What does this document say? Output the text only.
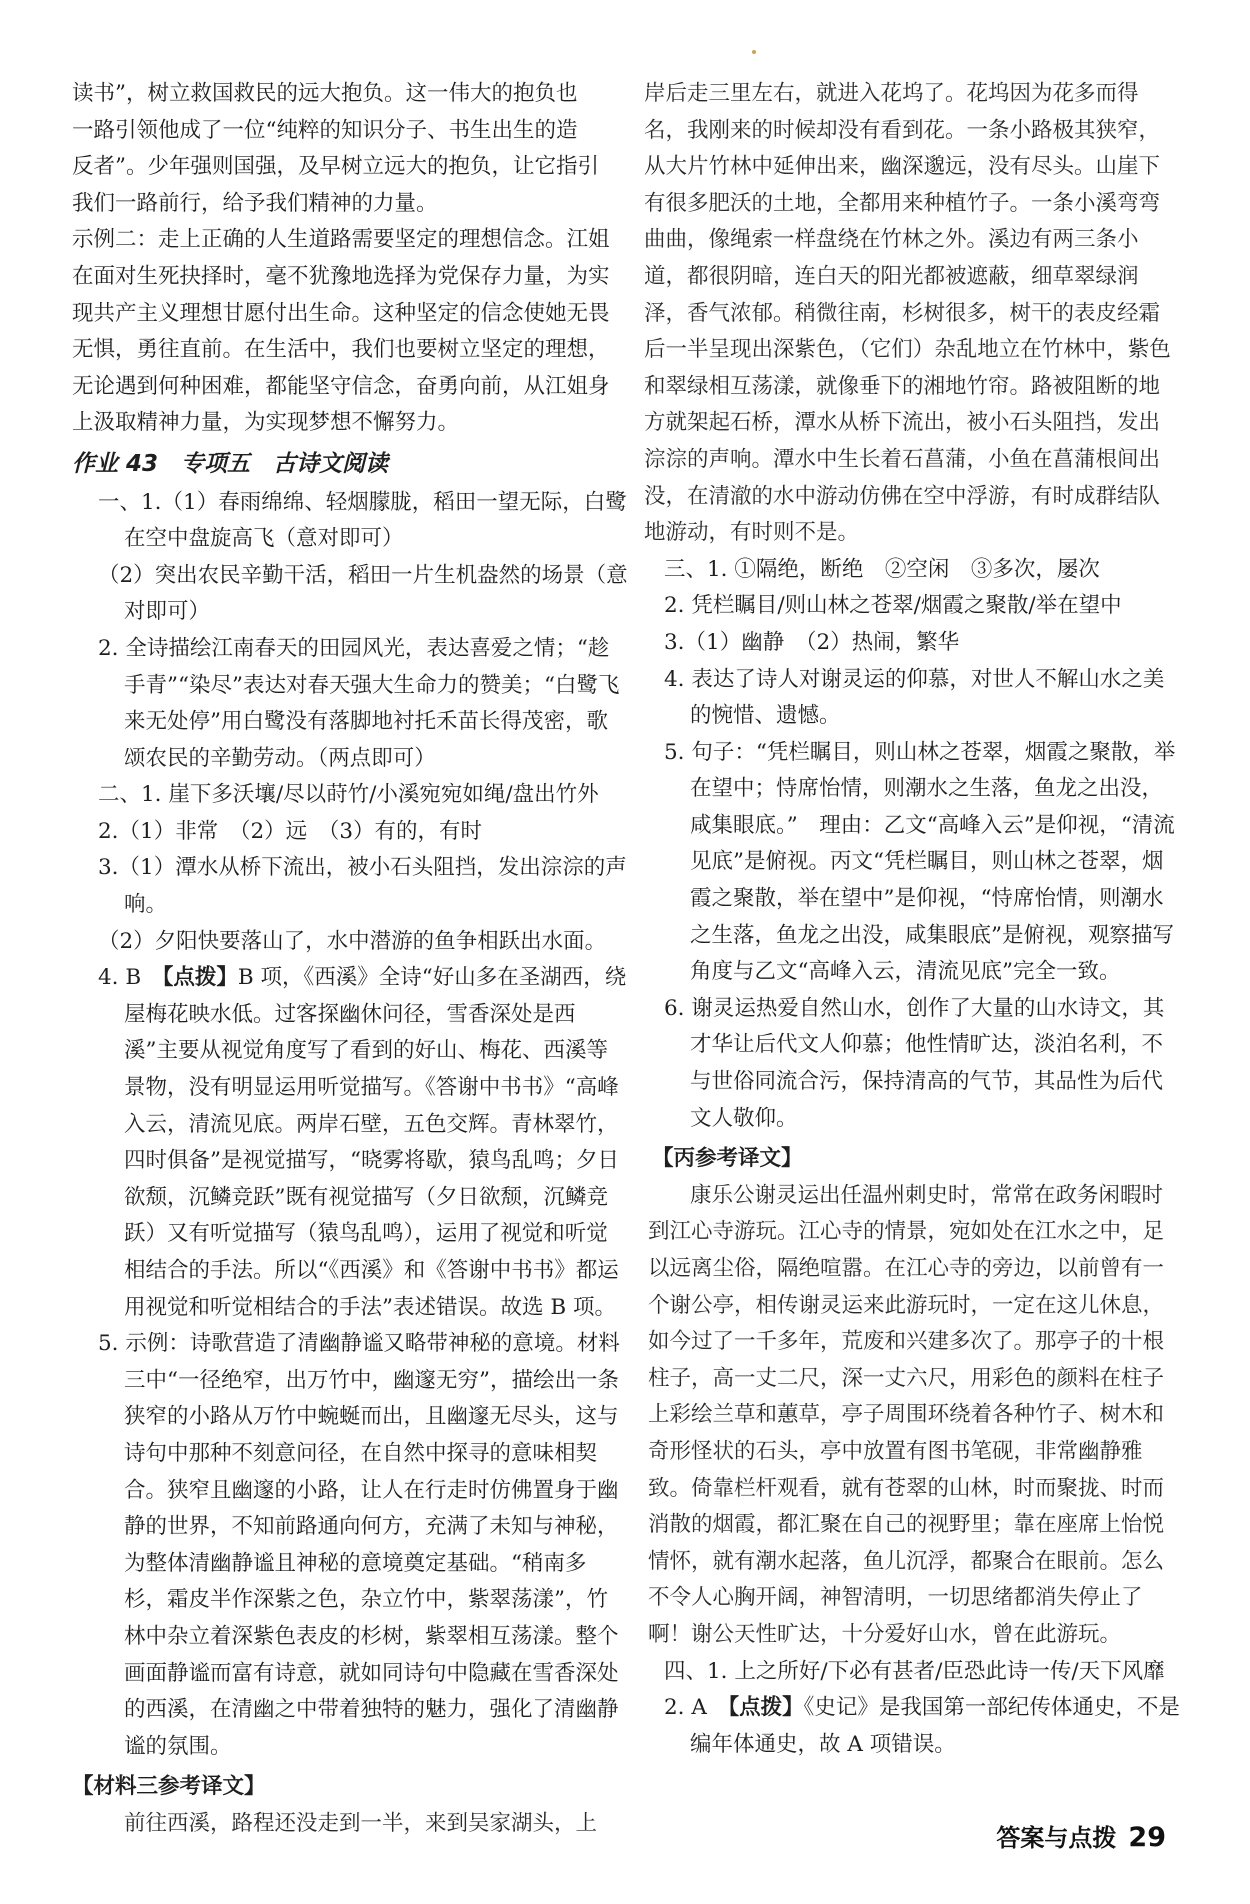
读书”，树立救国救民的远大抱负。这一伟大的抱负也

一路引领他成了一位“纯粹的知识分子、书生出生的造

反者”。少年强则国强，及早树立远大的抱负，让它指引

我们一路前行，给予我们精神的力量。

示例二：走上正确的人生道路需要坚定的理想信念。江姐在面对生死抉择时，毫不犹豫地选择为党保存力量，为实现共产主义理想甘愿付出生命。这种坚定的信念使她无畏无惧，勇往直前。在生活中，我们也要树立坚定的理想，无论遇到何种困难，都能坚守信念，奋勇向前，从江姐身上汲取精神力量，为实现梦想不懈努力。

作业 43　专项五　古诗文阅读

一、1.（1）春雨绵绵、轻烟朦胧，稻田一望无际，白鹭在空中盘旋高飞（意对即可）

（2）突出农民辛勤干活，稻田一片生机盎然的场景（意对即可）

2. 全诗描绘江南春天的田园风光，表达喜爱之情；“趁手青”“染尽”表达对春天强大生命力的赞美；“白鹭飞来无处停”用白鹭没有落脚地衬托禾苗长得茂密，歌颂农民的辛勤劳动。（两点即可）

二、1. 崖下多沃壤/尽以莳竹/小溪宛宛如绳/盘出竹外

2.（1）非常　（2）远　（3）有的，有时

3.（1）潭水从桥下流出，被小石头阻挡，发出淙淙的声响。

（2）夕阳快要落山了，水中潜游的鱼争相跃出水面。

4. B　【点拨】B 项，《西溪》全诗“好山多在圣湖西，绕屋梅花映水低。过客探幽休问径，雪香深处是西溪”主要从视觉角度写了看到的好山、梅花、西溪等景物，没有明显运用听觉描写。《答谢中书书》“高峰入云，清流见底。两岸石壁，五色交辉。青林翠竹，四时俱备”是视觉描写，“晓雾将歇，猿鸟乱鸣；夕日欲颓，沉鳞竞跃”既有视觉描写（夕日欲颓，沉鳞竞跃）又有听觉描写（猿鸟乱鸣），运用了视觉和听觉相结合的手法。所以“《西溪》和《答谢中书书》都运用视觉和听觉相结合的手法”表述错误。故选 B 项。

5. 示例：诗歌营造了清幽静谧又略带神秘的意境。材料三中“一径绝窄，出万竹中，幽邃无穷”，描绘出一条狭窄的小路从万竹中蜿蜒而出，且幽邃无尽头，这与诗句中那种不刻意问径，在自然中探寻的意味相契合。狭窄且幽邃的小路，让人在行走时仿佛置身于幽静的世界，不知前路通向何方，充满了未知与神秘，为整体清幽静谧且神秘的意境奠定基础。“稍南多杉，霜皮半作深紫之色，杂立竹中，紫翠荡漾”，竹林中杂立着深紫色表皮的杉树，紫翠相互荡漾。整个画面静谧而富有诗意，就如同诗句中隐藏在雪香深处的西溪，在清幽之中带着独特的魅力，强化了清幽静谧的氛围。

【材料三参考译文】

前往西溪，路程还没走到一半，来到吴家湖头，上

岸后走三里左右，就进入花坞了。花坞因为花多而得名，我刚来的时候却没有看到花。一条小路极其狭窄，从大片竹林中延伸出来，幽深邈远，没有尽头。山崖下有很多肥沃的土地，全都用来种植竹子。一条小溪弯弯曲曲，像绳索一样盘绕在竹林之外。溪边有两三条小道，都很阴暗，连白天的阳光都被遮蔽，细草翠绿润泽，香气浓郁。稍微往南，杉树很多，树干的表皮经霜后一半呈现出深紫色，（它们）杂乱地立在竹林中，紫色和翠绿相互荡漾，就像垂下的湘地竹帘。路被阻断的地方就架起石桥，潭水从桥下流出，被小石头阻挡，发出淙淙的声响。潭水中生长着石菖蒲，小鱼在菖蒲根间出没，在清澈的水中游动仿佛在空中浮游，有时成群结队地游动，有时则不是。

三、1. ①隔绝，断绝　②空闲　③多次，屡次

2. 凭栏瞩目/则山林之苍翠/烟霞之聚散/举在望中

3.（1）幽静　（2）热闹，繁华

4. 表达了诗人对谢灵运的仰慕，对世人不解山水之美的惋惜、遗憾。

5. 句子：“凭栏瞩目，则山林之苍翠，烟霞之聚散，举在望中；恃席怡情，则潮水之生落，鱼龙之出没，咸集眼底。”　理由：乙文“高峰入云”是仰视，“清流见底”是俯视。丙文“凭栏瞩目，则山林之苍翠，烟霞之聚散，举在望中”是仰视，“恃席怡情，则潮水之生落，鱼龙之出没，咸集眼底”是俯视，观察描写角度与乙文“高峰入云，清流见底”完全一致。

6. 谢灵运热爱自然山水，创作了大量的山水诗文，其才华让后代文人仰慕；他性情旷达，淡泊名利，不与世俗同流合污，保持清高的气节，其品性为后代文人敬仰。

【丙参考译文】

康乐公谢灵运出任温州刺史时，常常在政务闲暇时到江心寺游玩。江心寺的情景，宛如处在江水之中，足以远离尘俗，隔绝喧嚣。在江心寺的旁边，以前曾有一个谢公亭，相传谢灵运来此游玩时，一定在这儿休息，如今过了一千多年，荒废和兴建多次了。那亭子的十根柱子，高一丈二尺，深一丈六尺，用彩色的颜料在柱子上彩绘兰草和蕙草，亭子周围环绕着各种竹子、树木和奇形怪状的石头，亭中放置有图书笔砚，非常幽静雅致。倚靠栏杆观看，就有苍翠的山林，时而聚拢、时而消散的烟霞，都汇聚在自己的视野里；靠在座席上怡悦情怀，就有潮水起落，鱼儿沉浮，都聚合在眼前。怎么不令人心胸开阔，神智清明，一切思绪都消失停止了啊！谢公天性旷达，十分爱好山水，曾在此游玩。

四、1. 上之所好/下必有甚者/臣恐此诗一传/天下风靡

2. A　【点拨】《史记》是我国第一部纪传体通史，不是编年体通史，故 A 项错误。

答案与点拨 29
